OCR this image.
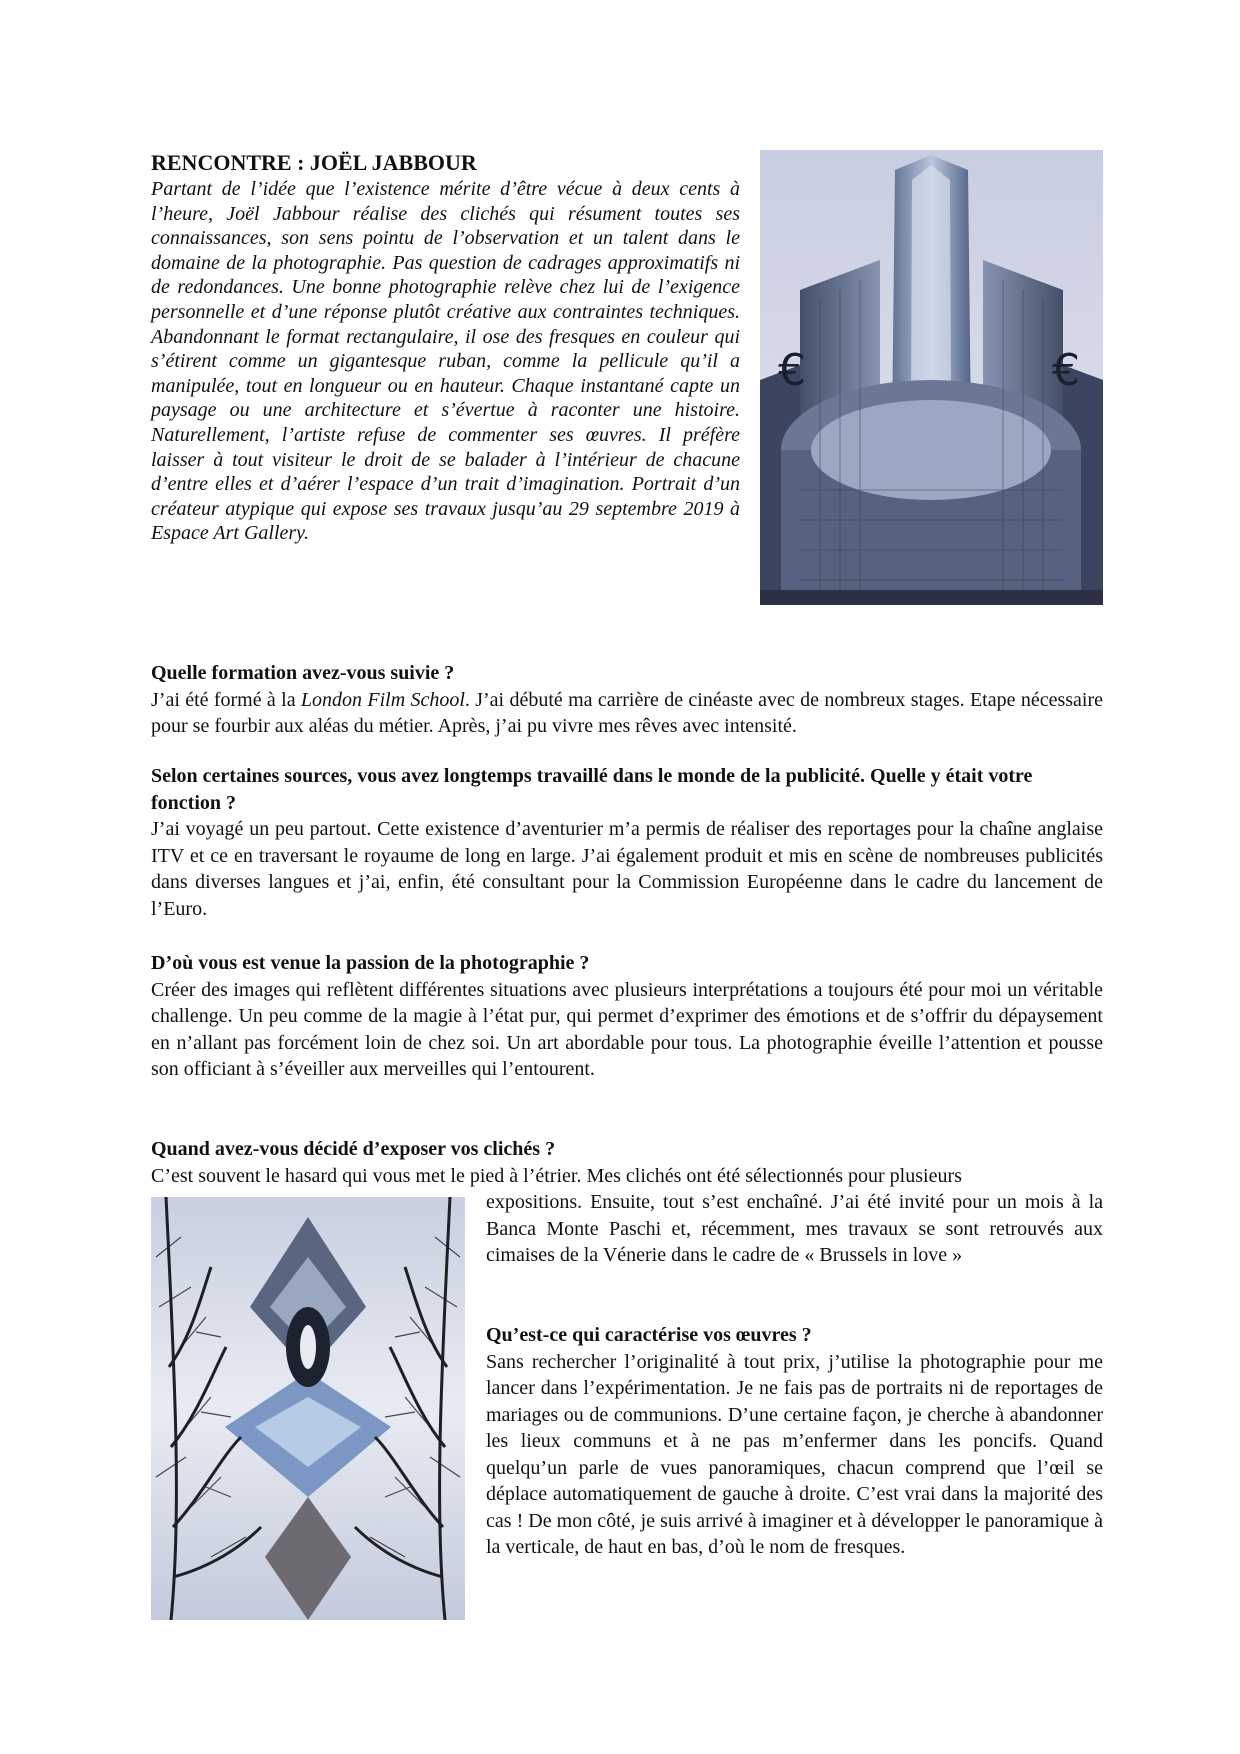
RENCONTRE : JOËL JABBOUR

Partant de l’idée que l’existence mérite d’être vécue à deux cents à l’heure, Joël Jabbour réalise des clichés qui résument toutes ses connaissances, son sens pointu de l’observation et un talent dans le domaine de la photographie. Pas question de cadrages approximatifs ni de redondances. Une bonne photographie relève chez lui de l’exigence personnelle et d’une réponse plutôt créative aux contraintes techniques. Abandonnant le format rectangulaire, il ose des fresques en couleur qui s’étirent comme un gigantesque ruban, comme la pellicule qu’il a manipulée, tout en longueur ou en hauteur. Chaque instantané capte un paysage ou une architecture et s’évertue à raconter une histoire. Naturellement, l’artiste refuse de commenter ses œuvres. Il préfère laisser à tout visiteur le droit de se balader à l’intérieur de chacune d’entre elles et d’aérer l’espace d’un trait d’imagination. Portrait d’un créateur atypique qui expose ses travaux jusqu’au 29 septembre 2019 à Espace Art Gallery.

€	€

Quelle formation avez-vous suivie ?

J’ai été formé à la London Film School. J’ai débuté ma carrière de cinéaste avec de nombreux stages. Etape nécessaire pour se fourbir aux aléas du métier. Après, j’ai pu vivre mes rêves avec intensité.

Selon certaines sources, vous avez longtemps travaillé dans le monde de la publicité. Quelle y était votre fonction ?

J’ai voyagé un peu partout. Cette existence d’aventurier m’a permis de réaliser des reportages pour la chaîne anglaise ITV et ce en traversant le royaume de long en large. J’ai également produit et mis en scène de nombreuses publicités dans diverses langues et j’ai, enfin, été consultant pour la Commission Européenne dans le cadre du lancement de l’Euro.

D’où vous est venue la passion de la photographie ?

Créer des images qui reflètent différentes situations avec plusieurs interprétations a toujours été pour moi un véritable challenge. Un peu comme de la magie à l’état pur, qui permet d’exprimer des émotions et de s’offrir du dépaysement en n’allant pas forcément loin de chez soi. Un art abordable pour tous. La photographie éveille l’attention et pousse son officiant à s’éveiller aux merveilles qui l’entourent.

Quand avez-vous décidé d’exposer vos clichés ?

C’est souvent le hasard qui vous met le pied à l’étrier. Mes clichés ont été sélectionnés pour plusieurs

expositions. Ensuite, tout s’est enchaîné. J’ai été invité pour un mois à la Banca Monte Paschi et, récemment, mes travaux se sont retrouvés aux cimaises de la Vénerie dans le cadre de « Brussels in love »

Qu’est-ce qui caractérise vos œuvres ?

Sans rechercher l’originalité à tout prix, j’utilise la photographie pour me lancer dans l’expérimentation. Je ne fais pas de portraits ni de reportages de mariages ou de communions. D’une certaine façon, je cherche à abandonner les lieux communs et à ne pas m’enfermer dans les poncifs. Quand quelqu’un parle de vues panoramiques, chacun comprend que l’œil se déplace automatiquement de gauche à droite. C’est vrai dans la majorité des cas ! De mon côté, je suis arrivé à imaginer et à développer le panoramique à la verticale, de haut en bas, d’où le nom de fresques.
